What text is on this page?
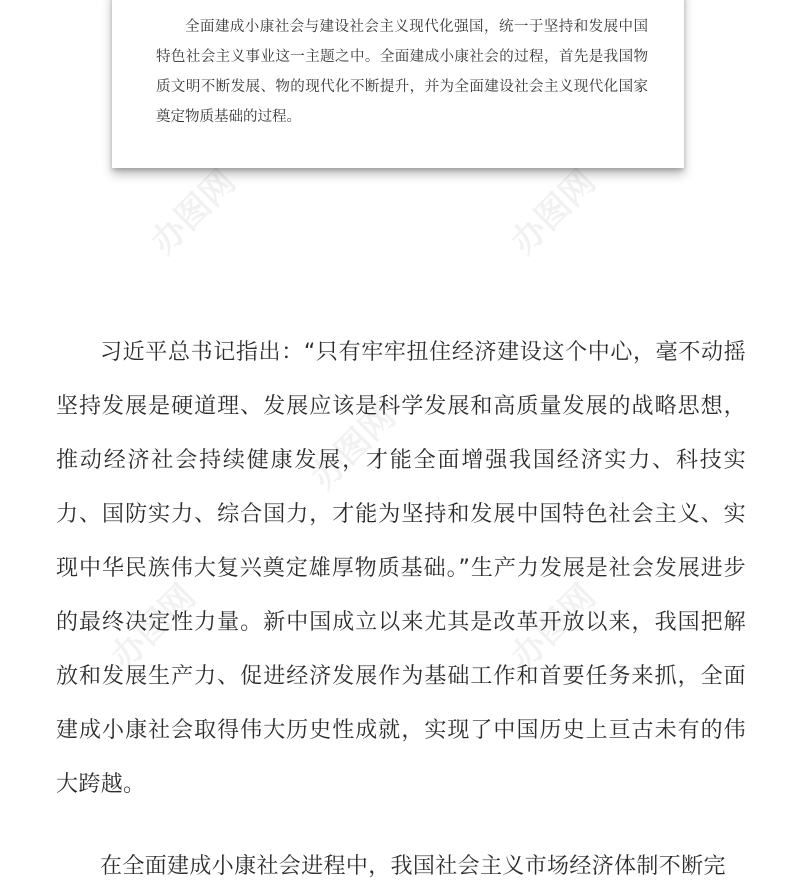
办图网	办图网
办图网
办图网	办图网

全面建成小康社会与建设社会主义现代化强国，统一于坚持和发展中国特色社会主义事业这一主题之中。全面建成小康社会的过程，首先是我国物质文明不断发展、物的现代化不断提升，并为全面建设社会主义现代化国家奠定物质基础的过程。

习近平总书记指出：“只有牢牢扭住经济建设这个中心，毫不动摇坚持发展是硬道理、发展应该是科学发展和高质量发展的战略思想，推动经济社会持续健康发展，才能全面增强我国经济实力、科技实力、国防实力、综合国力，才能为坚持和发展中国特色社会主义、实现中华民族伟大复兴奠定雄厚物质基础。”生产力发展是社会发展进步的最终决定性力量。新中国成立以来尤其是改革开放以来，我国把解放和发展生产力、促进经济发展作为基础工作和首要任务来抓，全面建成小康社会取得伟大历史性成就，实现了中国历史上亘古未有的伟大跨越。

在全面建成小康社会进程中，我国社会主义市场经济体制不断完
